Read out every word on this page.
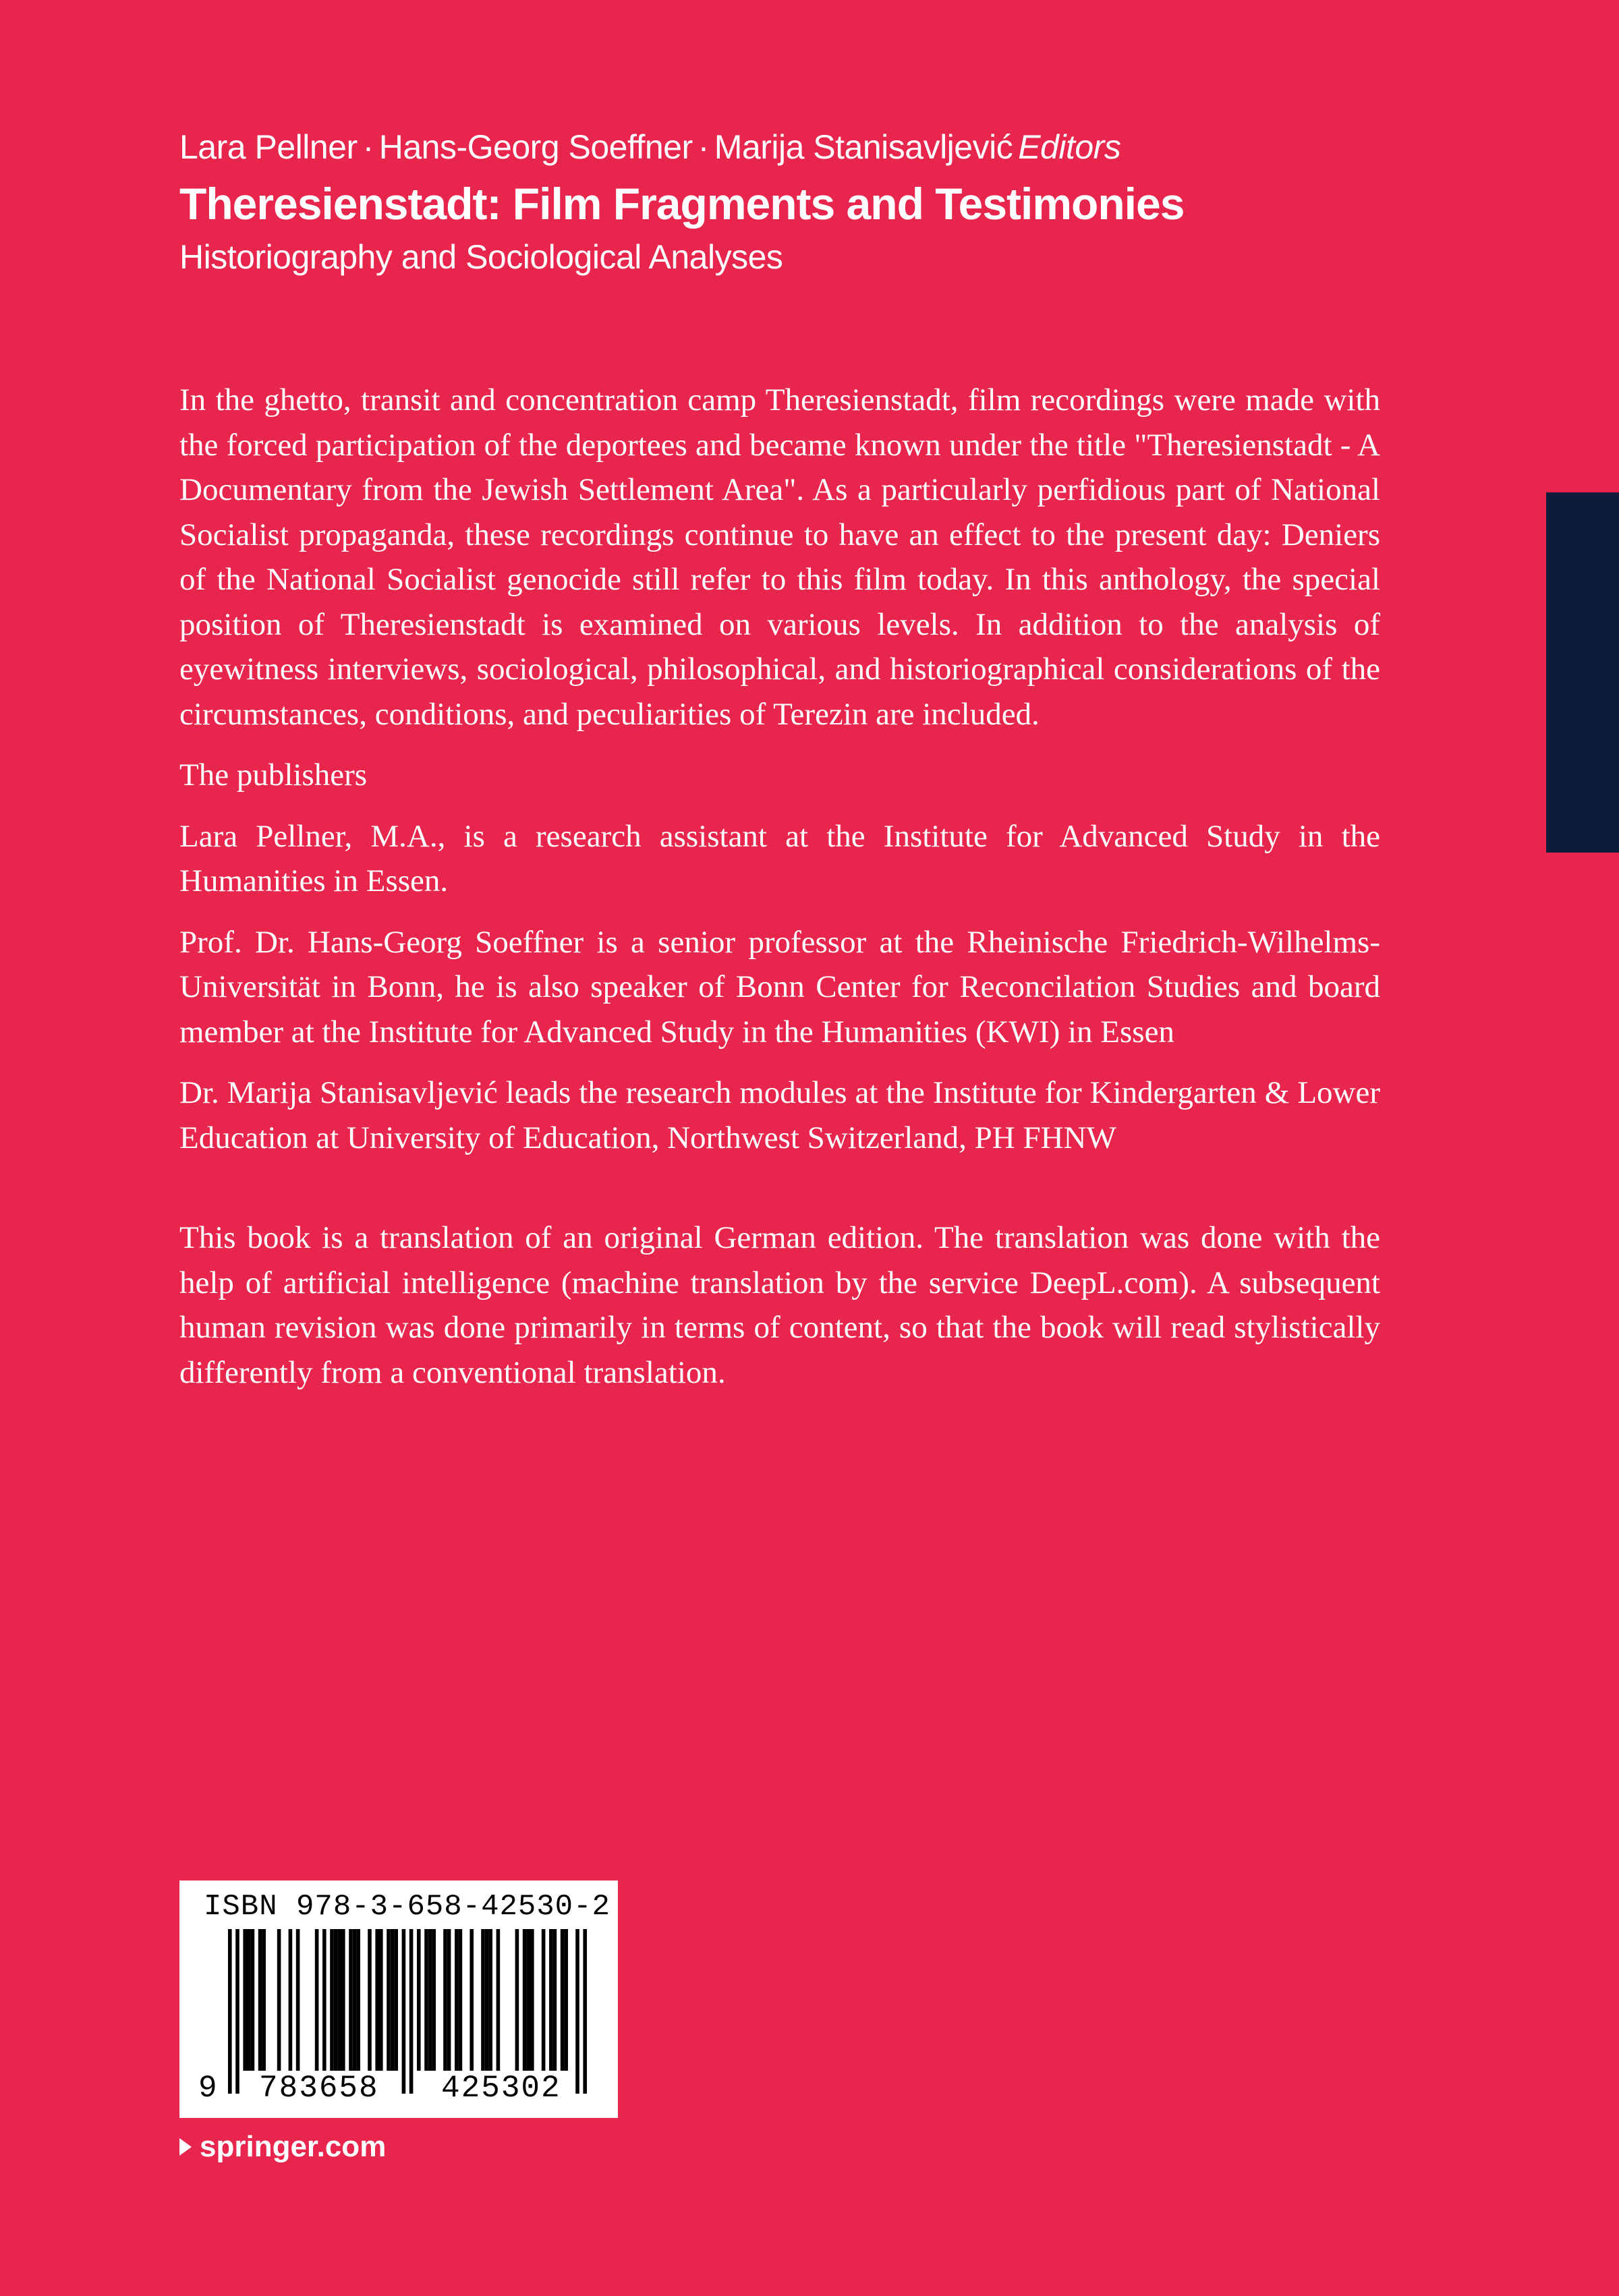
Lara Pellner · Hans-Georg Soeffner · Marija Stanisavljević Editors
Theresienstadt: Film Fragments and Testimonies
Historiography and Sociological Analyses

In the ghetto, transit and concentration camp Theresienstadt, film recordings were made with the forced participation of the deportees and became known under the title "Theresienstadt - A Documentary from the Jewish Settlement Area". As a particularly perfidious part of National Socialist propaganda, these recordings continue to have an effect to the present day: Deniers of the National Socialist genocide still refer to this film today. In this anthology, the special position of Theresienstadt is examined on various levels. In addition to the analysis of eyewitness interviews, sociological, philosophical, and historiographical considerations of the circumstances, conditions, and peculiarities of Terezin are included.

The publishers

Lara Pellner, M.A., is a research assistant at the Institute for Advanced Study in the Humanities in Essen.

Prof. Dr. Hans-Georg Soeffner is a senior professor at the Rheinische Friedrich-Wilhelms-Universität in Bonn, he is also speaker of Bonn Center for Reconcilation Studies and board member at the Institute for Advanced Study in the Humanities (KWI) in Essen

Dr. Marija Stanisavljević leads the research modules at the Institute for Kindergarten & Lower Education at University of Education, Northwest Switzerland, PH FHNW

This book is a translation of an original German edition. The translation was done with the help of artificial intelligence (machine translation by the service DeepL.com). A subsequent human revision was done primarily in terms of content, so that the book will read stylistically differently from a conventional translation.

ISBN 978-3-658-42530-2
9 783658 425302
springer.com
